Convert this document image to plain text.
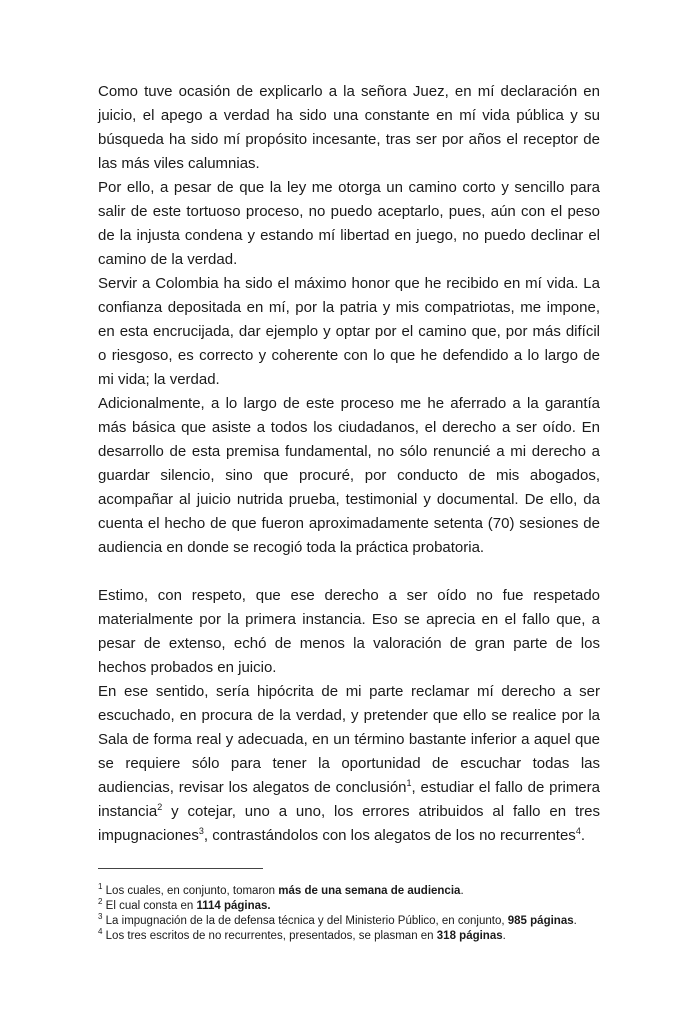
Como tuve ocasión de explicarlo a la señora Juez, en mí declaración en juicio, el apego a verdad ha sido una constante en mí vida pública y su búsqueda ha sido mí propósito incesante, tras ser por años el receptor de las más viles calumnias.

Por ello, a pesar de que la ley me otorga un camino corto y sencillo para salir de este tortuoso proceso, no puedo aceptarlo, pues, aún con el peso de la injusta condena y estando mí libertad en juego, no puedo declinar el camino de la verdad.

Servir a Colombia ha sido el máximo honor que he recibido en mí vida. La confianza depositada en mí, por la patria y mis compatriotas, me impone, en esta encrucijada, dar ejemplo y optar por el camino que, por más difícil o riesgoso, es correcto y coherente con lo que he defendido a lo largo de mi vida; la verdad.

Adicionalmente, a lo largo de este proceso me he aferrado a la garantía más básica que asiste a todos los ciudadanos, el derecho a ser oído. En desarrollo de esta premisa fundamental, no sólo renuncié a mi derecho a guardar silencio, sino que procuré, por conducto de mis abogados, acompañar al juicio nutrida prueba, testimonial y documental. De ello, da cuenta el hecho de que fueron aproximadamente setenta (70) sesiones de audiencia en donde se recogió toda la práctica probatoria.

Estimo, con respeto, que ese derecho a ser oído no fue respetado materialmente por la primera instancia. Eso se aprecia en el fallo que, a pesar de extenso, echó de menos la valoración de gran parte de los hechos probados en juicio.

En ese sentido, sería hipócrita de mi parte reclamar mí derecho a ser escuchado, en procura de la verdad, y pretender que ello se realice por la Sala de forma real y adecuada, en un término bastante inferior a aquel que se requiere sólo para tener la oportunidad de escuchar todas las audiencias, revisar los alegatos de conclusión$^1$, estudiar el fallo de primera instancia$^2$ y cotejar, uno a uno, los errores atribuidos al fallo en tres impugnaciones$^3$, contrastándolos con los alegatos de los no recurrentes$^4$.

$^1$ Los cuales, en conjunto, tomaron más de una semana de audiencia.

$^2$ El cual consta en 1114 páginas.

$^3$ La impugnación de la de defensa técnica y del Ministerio Público, en conjunto, 985 páginas.

$^4$ Los tres escritos de no recurrentes, presentados, se plasman en 318 páginas.
